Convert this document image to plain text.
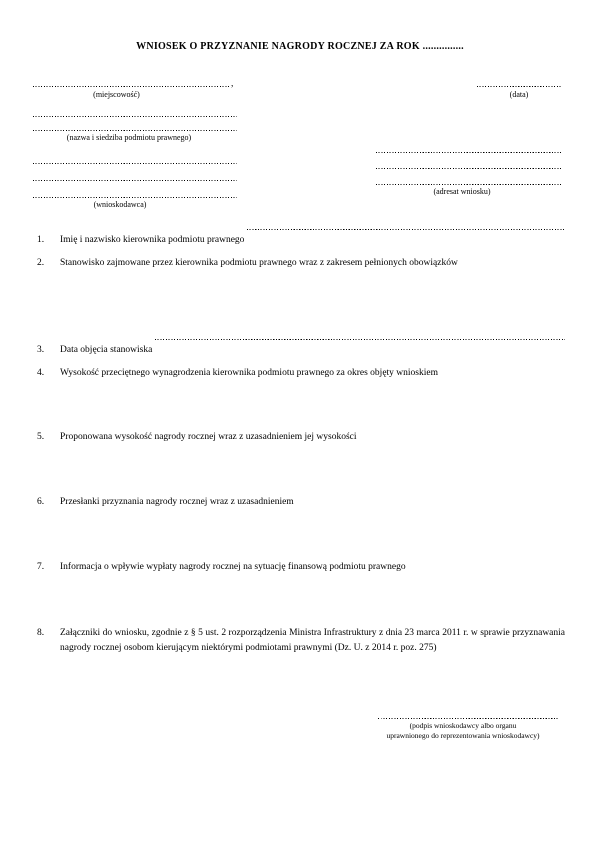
WNIOSEK O PRZYZNANIE NAGRODY ROCZNEJ ZA ROK ...............
,
(miejscowość)	(data)
(nazwa i siedziba podmiotu prawnego)
(wnioskodawca)
(adresat wniosku)
1.	Imię i nazwisko kierownika podmiotu prawnego
2.	Stanowisko zajmowane przez kierownika podmiotu prawnego wraz z zakresem pełnionych obowiązków
3.	Data objęcia stanowiska
4.	Wysokość przeciętnego wynagrodzenia kierownika podmiotu prawnego za okres objęty wnioskiem
5.	Proponowana wysokość nagrody rocznej wraz z uzasadnieniem jej wysokości
6.	Przesłanki przyznania nagrody rocznej wraz z uzasadnieniem
7.	Informacja o wpływie wypłaty nagrody rocznej na sytuację finansową podmiotu prawnego
8.	Załączniki do wniosku, zgodnie z § 5 ust. 2 rozporządzenia Ministra Infrastruktury z dnia 23 marca 2011 r. w sprawie przyznawania nagrody rocznej osobom kierującym niektórymi podmiotami prawnymi (Dz. U. z 2014 r. poz. 275)
(podpis wnioskodawcy albo organu
uprawnionego do reprezentowania wnioskodawcy)
